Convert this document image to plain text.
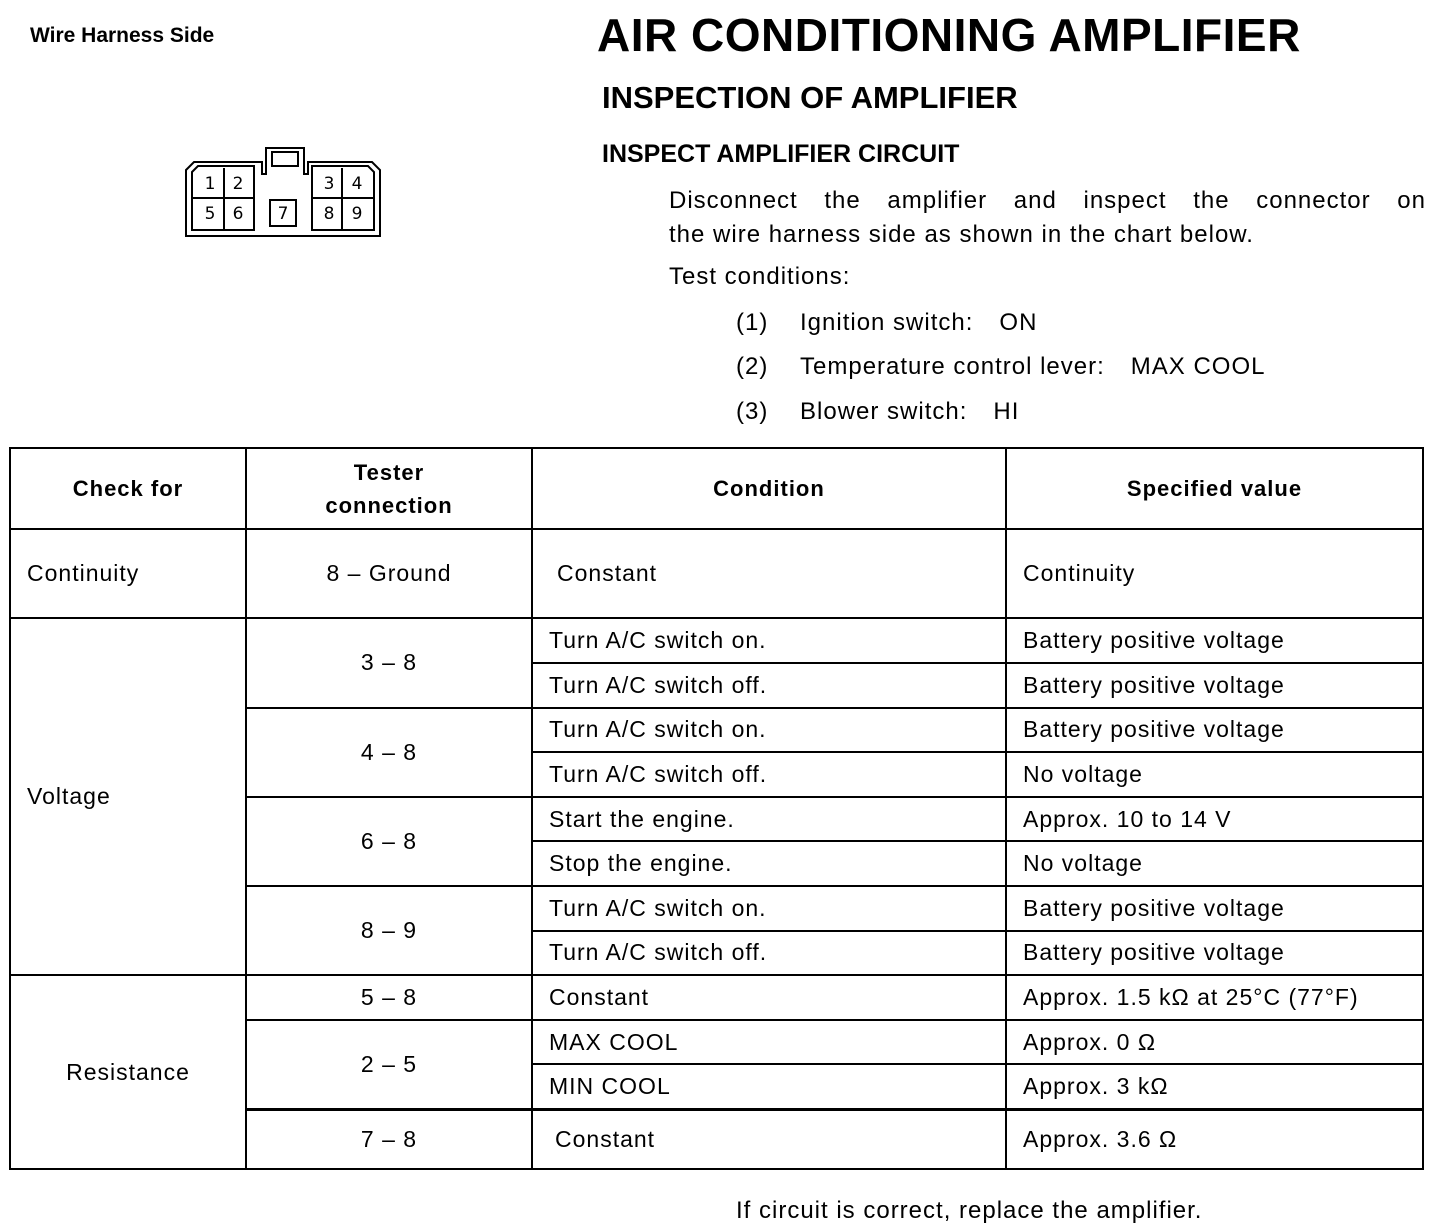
Wire Harness Side
1 2	3 4
5 6 7 8 9
AIR CONDITIONING AMPLIFIER
INSPECTION OF AMPLIFIER
INSPECT AMPLIFIER CIRCUIT
Disconnect the amplifier and inspect the connector on
the wire harness side as shown in the chart below.
Test conditions:
(1) Ignition switch: ON
(2) Temperature control lever: MAX COOL
(3) Blower switch: HI
Check for	Tester connection	Condition	Specified value
Continuity	8 – Ground	Constant	Continuity
Voltage	3 – 8	Turn A/C switch on.	Battery positive voltage
		Turn A/C switch off.	Battery positive voltage
	4 – 8	Turn A/C switch on.	Battery positive voltage
		Turn A/C switch off.	No voltage
	6 – 8	Start the engine.	Approx. 10 to 14 V
		Stop the engine.	No voltage
	8 – 9	Turn A/C switch on.	Battery positive voltage
		Turn A/C switch off.	Battery positive voltage
Resistance	5 – 8	Constant	Approx. 1.5 kΩ at 25°C (77°F)
	2 – 5	MAX COOL	Approx. 0 Ω
		MIN COOL	Approx. 3 kΩ
	7 – 8	Constant	Approx. 3.6 Ω
If circuit is correct, replace the amplifier.
